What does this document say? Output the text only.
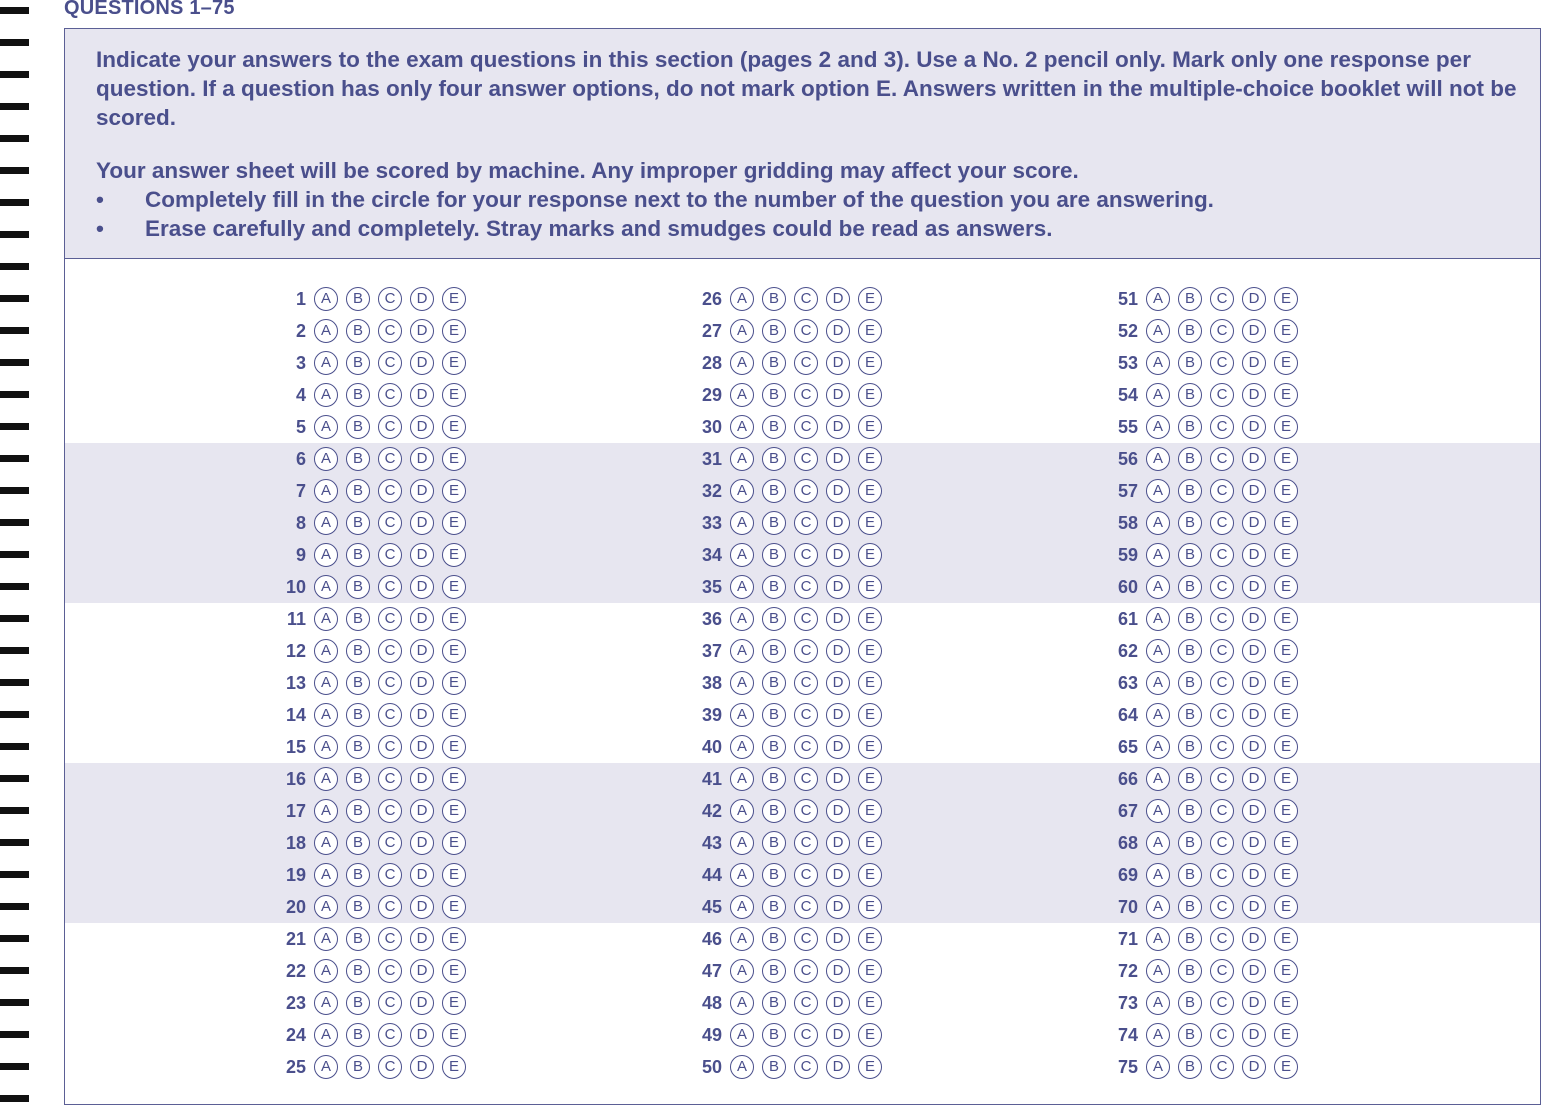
QUESTIONS 1–75

Indicate your answers to the exam questions in this section (pages 2 and 3). Use a No. 2 pencil only. Mark only one response per question. If a question has only four answer options, do not mark option E. Answers written in the multiple-choice booklet will not be scored.

Your answer sheet will be scored by machine. Any improper gridding may affect your score.

• Completely fill in the circle for your response next to the number of the question you are answering.
• Erase carefully and completely. Stray marks and smudges could be read as answers.
1 A	B	C	D	E
2 A	B	C	D	E
3 A	B	C	D	E
4 A	B	C	D	E
5 A	B	C	D	E
6 A	B	C	D	E
7 A	B	C	D	E
8 A	B	C	D	E
9 A	B	C	D	E
10 A	B	C	D	E
11 A	B	C	D	E
12 A	B	C	D	E
13 A	B	C	D	E
14 A	B	C	D	E
15 A	B	C	D	E
16 A	B	C	D	E
17 A	B	C	D	E
18 A	B	C	D	E
19 A	B	C	D	E
20 A	B	C	D	E
21 A	B	C	D	E
22 A	B	C	D	E
23 A	B	C	D	E
24 A	B	C	D	E
25 A	B	C	D	E
26 A	B	C	D	E
27 A	B	C	D	E
28 A	B	C	D	E
29 A	B	C	D	E
30 A	B	C	D	E
31 A	B	C	D	E
32 A	B	C	D	E
33 A	B	C	D	E
34 A	B	C	D	E
35 A	B	C	D	E
36 A	B	C	D	E
37 A	B	C	D	E
38 A	B	C	D	E
39 A	B	C	D	E
40 A	B	C	D	E
41 A	B	C	D	E
42 A	B	C	D	E
43 A	B	C	D	E
44 A	B	C	D	E
45 A	B	C	D	E
46 A	B	C	D	E
47 A	B	C	D	E
48 A	B	C	D	E
49 A	B	C	D	E
50 A	B	C	D	E
51 A	B	C	D	E
52 A	B	C	D	E
53 A	B	C	D	E
54 A	B	C	D	E
55 A	B	C	D	E
56 A	B	C	D	E
57 A	B	C	D	E
58 A	B	C	D	E
59 A	B	C	D	E
60 A	B	C	D	E
61 A	B	C	D	E
62 A	B	C	D	E
63 A	B	C	D	E
64 A	B	C	D	E
65 A	B	C	D	E
66 A	B	C	D	E
67 A	B	C	D	E
68 A	B	C	D	E
69 A	B	C	D	E
70 A	B	C	D	E
71 A	B	C	D	E
72 A	B	C	D	E
73 A	B	C	D	E
74 A	B	C	D	E
75 A	B	C	D	E
